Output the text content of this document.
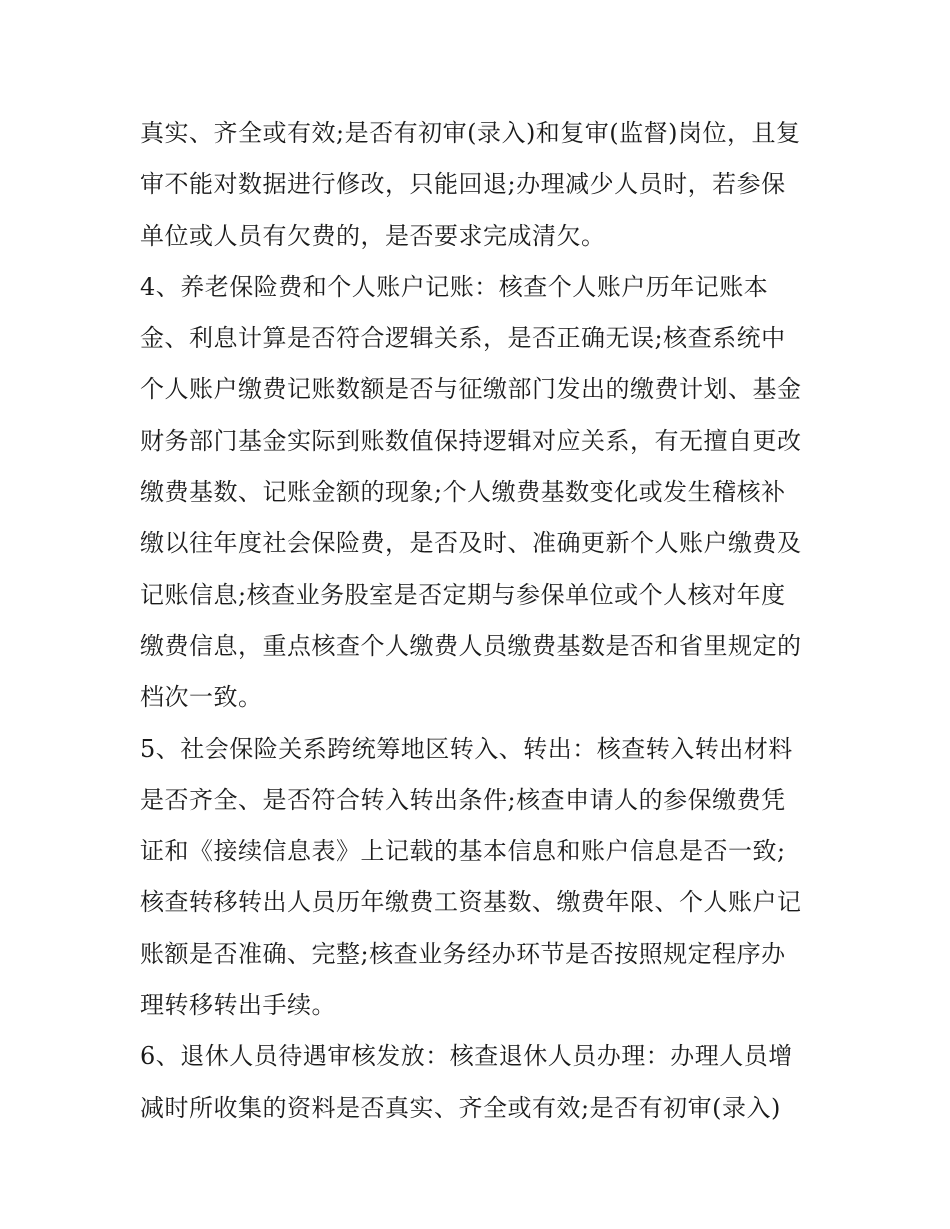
真实、齐全或有效;是否有初审(录入)和复审(监督)岗位，且复
审不能对数据进行修改，只能回退;办理减少人员时，若参保
单位或人员有欠费的，是否要求完成清欠。
4、养老保险费和个人账户记账：核查个人账户历年记账本
金、利息计算是否符合逻辑关系，是否正确无误;核查系统中
个人账户缴费记账数额是否与征缴部门发出的缴费计划、基金
财务部门基金实际到账数值保持逻辑对应关系，有无擅自更改
缴费基数、记账金额的现象;个人缴费基数变化或发生稽核补
缴以往年度社会保险费，是否及时、准确更新个人账户缴费及
记账信息;核查业务股室是否定期与参保单位或个人核对年度
缴费信息，重点核查个人缴费人员缴费基数是否和省里规定的
档次一致。
5、社会保险关系跨统筹地区转入、转出：核查转入转出材料
是否齐全、是否符合转入转出条件;核查申请人的参保缴费凭
证和《接续信息表》上记载的基本信息和账户信息是否一致;
核查转移转出人员历年缴费工资基数、缴费年限、个人账户记
账额是否准确、完整;核查业务经办环节是否按照规定程序办
理转移转出手续。
6、退休人员待遇审核发放：核查退休人员办理：办理人员增
减时所收集的资料是否真实、齐全或有效;是否有初审(录入)
